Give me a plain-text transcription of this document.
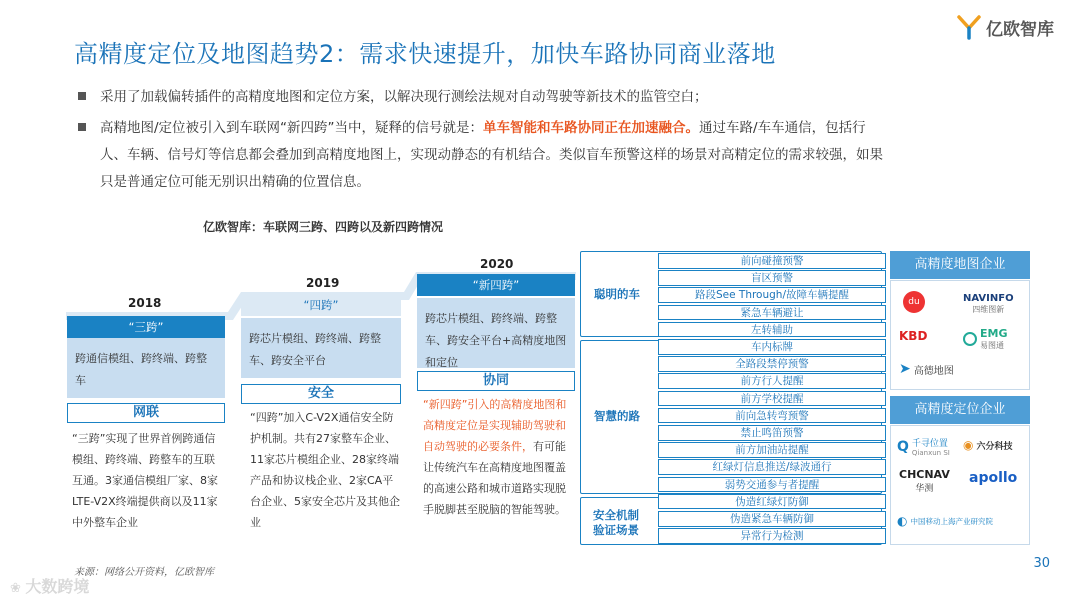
高精度定位及地图趋势2：需求快速提升，加快车路协同商业落地
亿欧智库
采用了加载偏转插件的高精度地图和定位方案，以解决现行测绘法规对自动驾驶等新技术的监管空白；
高精地图/定位被引入到车联网“新四跨”当中，疑释的信号就是：单车智能和车路协同正在加速融合。通过车路/车车通信，包括行
人、车辆、信号灯等信息都会叠加到高精度地图上，实现动静态的有机结合。类似盲车预警这样的场景对高精定位的需求较强，如果
只是普通定位可能无别识出精确的位置信息。
亿欧智库：车联网三跨、四跨以及新四跨情况
2018
“三跨”
跨通信模组、跨终端、跨整车
网联
“三跨”实现了世界首例跨通信模组、跨终端、跨整车的互联互通。3家通信模组厂家、8家LTE-V2X终端提供商以及11家中外整车企业
2019
“四跨”
跨芯片模组、跨终端、跨整车、跨安全平台
安全
“四跨”加入C-V2X通信安全防护机制。共有27家整车企业、11家芯片模组企业、28家终端产品和协议栈企业、2家CA平台企业、5家安全芯片及其他企业
2020
“新四跨”
跨芯片模组、跨终端、跨整车、跨安全平台+高精度地图和定位
协同
“新四跨”引入的高精度地图和高精度定位是实现辅助驾驶和自动驾驶的必要条件，有可能让传统汽车在高精度地图覆盖的高速公路和城市道路实现脱手脱脚甚至脱脑的智能驾驶。
聪明的车
智慧的路
安全机制验证场景
前向碰撞预警
盲区预警
路段See Through/故障车辆提醒
紧急车辆避让
左转辅助
车内标牌
全路段禁停预警
前方行人提醒
前方学校提醒
前向急转弯预警
禁止鸣笛预警
前方加油站提醒
红绿灯信息推送/绿波通行
弱势交通参与者提醒
伪造红绿灯防御
伪造紧急车辆防御
异常行为检测
高精度地图企业
du	NAVINFO
四维图新
KBD	EMG
易图通
➤ 高德地图
高精度定位企业
Q 千寻位置
Qianxun SI
◉ 六分科技
CHCNAV
华测
apollo
◐ 中国移动上海产业研究院
来源：网络公开资料，亿欧智库
30
❀ 大数跨境
